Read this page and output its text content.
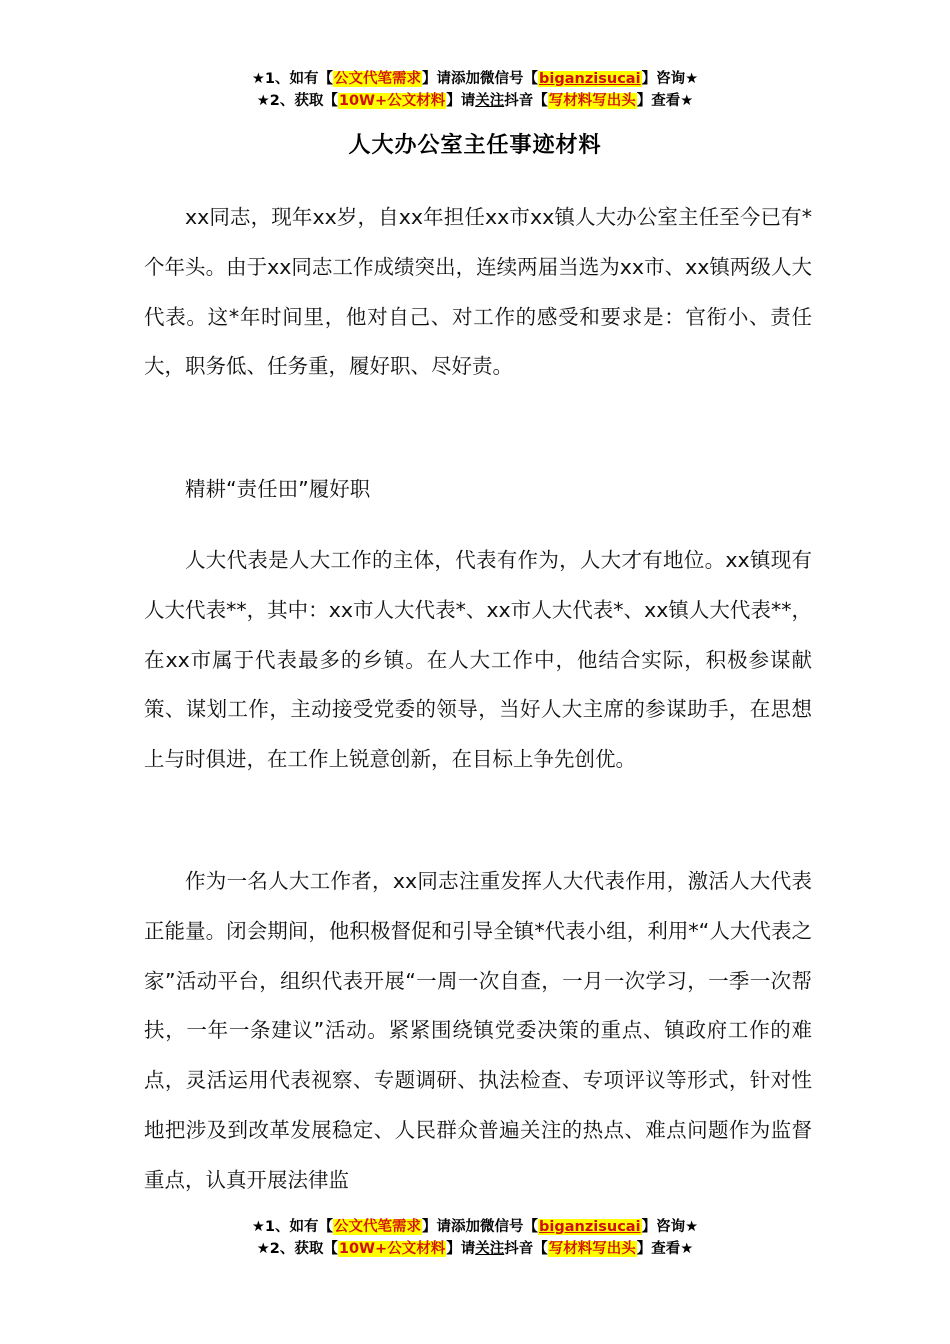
★1、如有【公文代笔需求】请添加微信号【biganzisucai】咨询★
★2、获取【10W+公文材料】请关注抖音【写材料写出头】查看★
人大办公室主任事迹材料

xx同志，现年xx岁，自xx年担任xx市xx镇人大办公室主任至今已有*个年头。由于xx同志工作成绩突出，连续两届当选为xx市、xx镇两级人大代表。这*年时间里，他对自己、对工作的感受和要求是：官衔小、责任大，职务低、任务重，履好职、尽好责。

精耕“责任田”履好职

人大代表是人大工作的主体，代表有作为，人大才有地位。xx镇现有人大代表**，其中：xx市人大代表*、xx市人大代表*、xx镇人大代表**，在xx市属于代表最多的乡镇。在人大工作中，他结合实际，积极参谋献策、谋划工作，主动接受党委的领导，当好人大主席的参谋助手，在思想上与时俱进，在工作上锐意创新，在目标上争先创优。

作为一名人大工作者，xx同志注重发挥人大代表作用，激活人大代表正能量。闭会期间，他积极督促和引导全镇*代表小组，利用*“人大代表之家”活动平台，组织代表开展“一周一次自查，一月一次学习，一季一次帮扶，一年一条建议”活动。紧紧围绕镇党委决策的重点、镇政府工作的难点，灵活运用代表视察、专题调研、执法检查、专项评议等形式，针对性地把涉及到改革发展稳定、人民群众普遍关注的热点、难点问题作为监督重点，认真开展法律监

★1、如有【公文代笔需求】请添加微信号【biganzisucai】咨询★
★2、获取【10W+公文材料】请关注抖音【写材料写出头】查看★
